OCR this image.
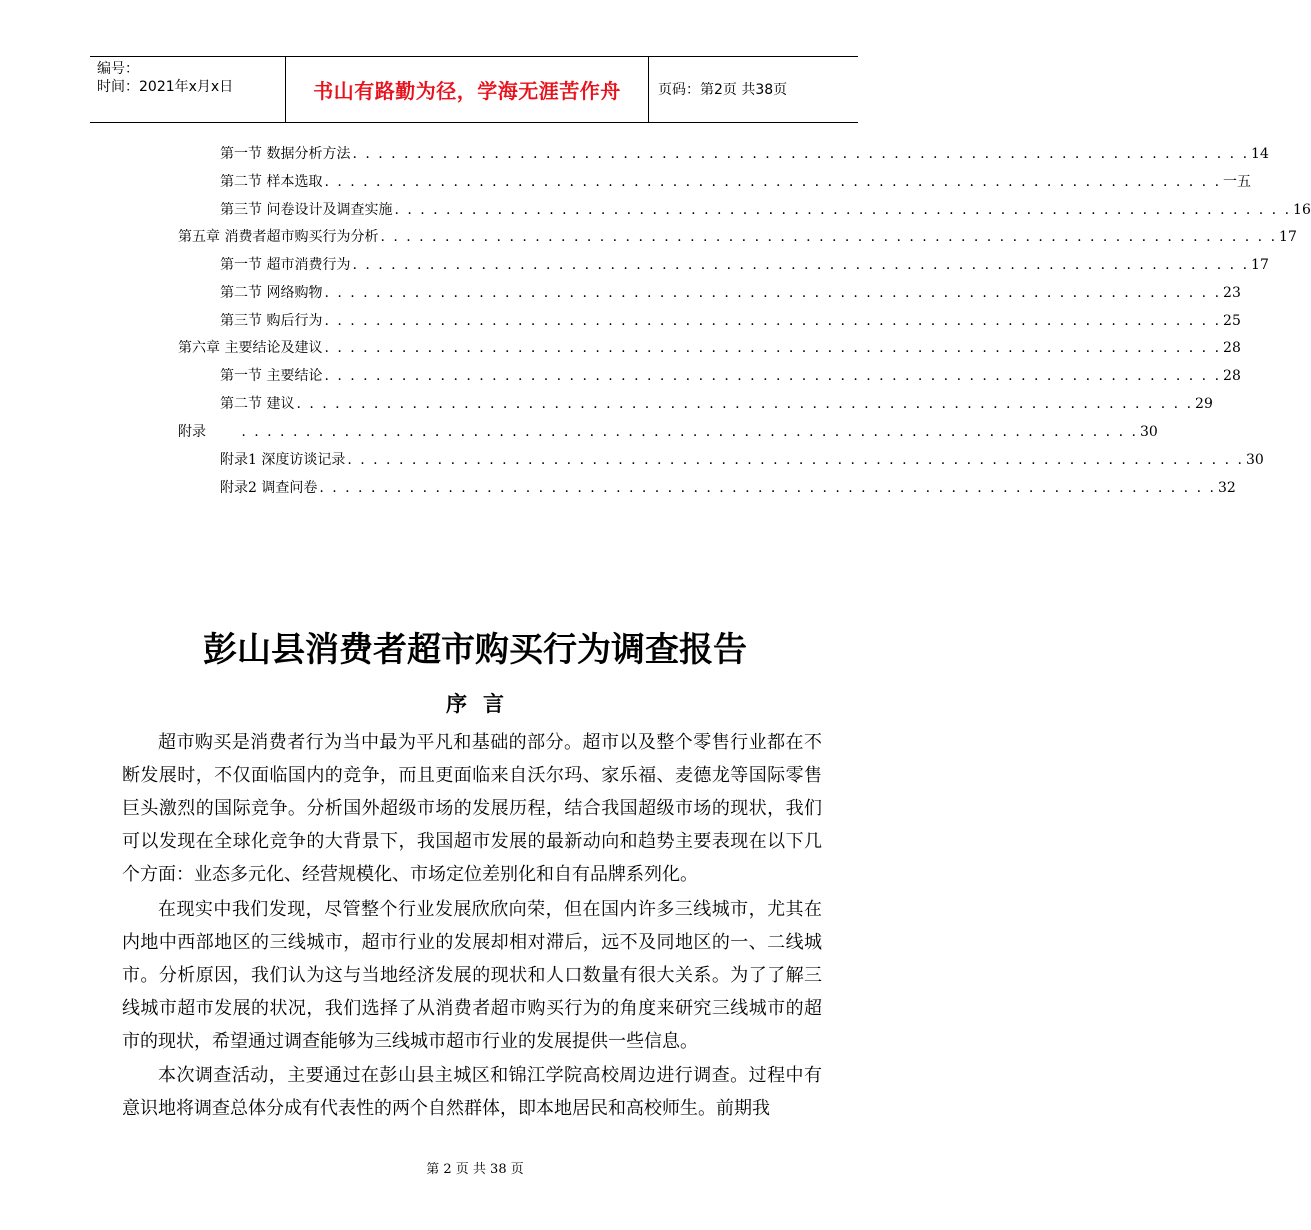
编号：
时间：2021年x月x日	书山有路勤为径，学海无涯苦作舟	页码：第2页 共38页
第一节 数据分析方法 . . . . . . . . . . . . . . . . . . . . . . . . . . . . . . . . . . . . . . . . . . . . . . . . . . . . . . . . . . . . . . . . . . . . . . 14
第二节 样本选取 . . . . . . . . . . . . . . . . . . . . . . . . . . . . . . . . . . . . . . . . . . . . . . . . . . . . . . . . . . . . . . . . . . . . . . 一五
第三节 问卷设计及调查实施 . . . . . . . . . . . . . . . . . . . . . . . . . . . . . . . . . . . . . . . . . . . . . . . . . . . . . . . . . . . . . . . . . . . . . . 16
第五章 消费者超市购买行为分析 . . . . . . . . . . . . . . . . . . . . . . . . . . . . . . . . . . . . . . . . . . . . . . . . . . . . . . . . . . . . . . . . . . . . . . 17
第一节 超市消费行为 . . . . . . . . . . . . . . . . . . . . . . . . . . . . . . . . . . . . . . . . . . . . . . . . . . . . . . . . . . . . . . . . . . . . . . 17
第二节 网络购物 . . . . . . . . . . . . . . . . . . . . . . . . . . . . . . . . . . . . . . . . . . . . . . . . . . . . . . . . . . . . . . . . . . . . . . 23
第三节 购后行为 . . . . . . . . . . . . . . . . . . . . . . . . . . . . . . . . . . . . . . . . . . . . . . . . . . . . . . . . . . . . . . . . . . . . . . 25
第六章 主要结论及建议 . . . . . . . . . . . . . . . . . . . . . . . . . . . . . . . . . . . . . . . . . . . . . . . . . . . . . . . . . . . . . . . . . . . . . . 28
第一节 主要结论 . . . . . . . . . . . . . . . . . . . . . . . . . . . . . . . . . . . . . . . . . . . . . . . . . . . . . . . . . . . . . . . . . . . . . . 28
第二节 建议 . . . . . . . . . . . . . . . . . . . . . . . . . . . . . . . . . . . . . . . . . . . . . . . . . . . . . . . . . . . . . . . . . . . . . . 29
附录 . . . . . . . . . . . . . . . . . . . . . . . . . . . . . . . . . . . . . . . . . . . . . . . . . . . . . . . . . . . . . . . . . . . . . . 30
附录1 深度访谈记录 . . . . . . . . . . . . . . . . . . . . . . . . . . . . . . . . . . . . . . . . . . . . . . . . . . . . . . . . . . . . . . . . . . . . . . 30
附录2 调查问卷 . . . . . . . . . . . . . . . . . . . . . . . . . . . . . . . . . . . . . . . . . . . . . . . . . . . . . . . . . . . . . . . . . . . . . . 32
彭山县消费者超市购买行为调查报告
序言
超市购买是消费者行为当中最为平凡和基础的部分。超市以及整个零售行业都在不断发展时，不仅面临国内的竞争，而且更面临来自沃尔玛、家乐福、麦德龙等国际零售巨头激烈的国际竞争。分析国外超级市场的发展历程，结合我国超级市场的现状，我们可以发现在全球化竞争的大背景下，我国超市发展的最新动向和趋势主要表现在以下几个方面：业态多元化、经营规模化、市场定位差别化和自有品牌系列化。
在现实中我们发现，尽管整个行业发展欣欣向荣，但在国内许多三线城市，尤其在内地中西部地区的三线城市，超市行业的发展却相对滞后，远不及同地区的一、二线城市。分析原因，我们认为这与当地经济发展的现状和人口数量有很大关系。为了了解三线城市超市发展的状况，我们选择了从消费者超市购买行为的角度来研究三线城市的超市的现状，希望通过调查能够为三线城市超市行业的发展提供一些信息。
本次调查活动，主要通过在彭山县主城区和锦江学院高校周边进行调查。过程中有意识地将调查总体分成有代表性的两个自然群体，即本地居民和高校师生。前期我
第 2 页 共 38 页
